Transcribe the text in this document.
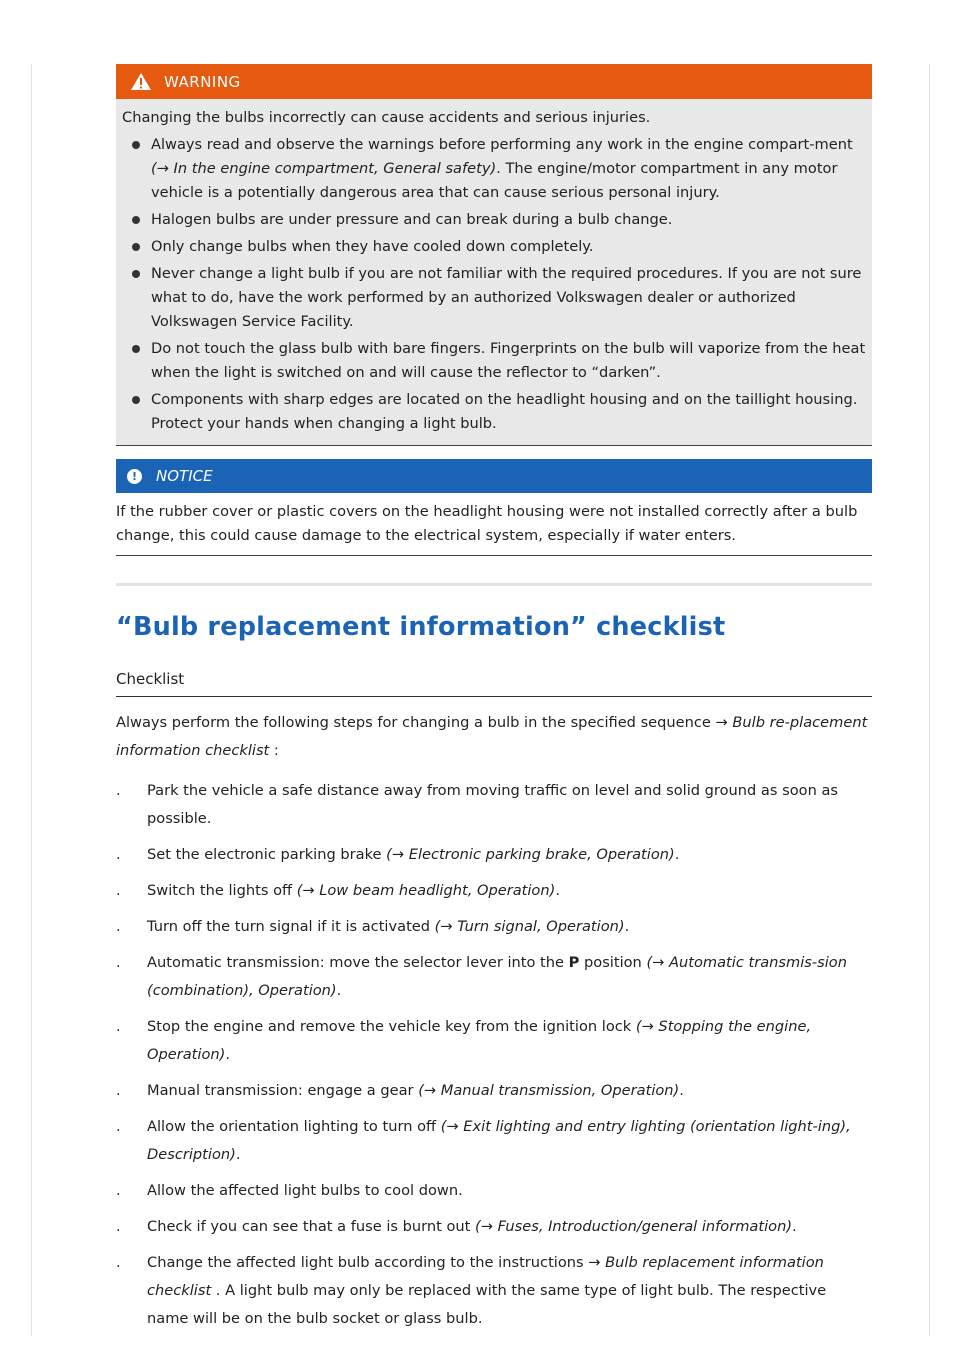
WARNING

Changing the bulbs incorrectly can cause accidents and serious injuries.

Always read and observe the warnings before performing any work in the engine compart-ment (→ In the engine compartment, General safety). The engine/motor compartment in any motor vehicle is a potentially dangerous area that can cause serious personal injury.
Halogen bulbs are under pressure and can break during a bulb change.
Only change bulbs when they have cooled down completely.
Never change a light bulb if you are not familiar with the required procedures. If you are not sure what to do, have the work performed by an authorized Volkswagen dealer or authorized Volkswagen Service Facility.
Do not touch the glass bulb with bare fingers. Fingerprints on the bulb will vaporize from the heat when the light is switched on and will cause the reflector to “darken”.
Components with sharp edges are located on the headlight housing and on the taillight housing. Protect your hands when changing a light bulb.
!	NOTICE
If the rubber cover or plastic covers on the headlight housing were not installed correctly after a bulb change, this could cause damage to the electrical system, especially if water enters.
“Bulb replacement information” checklist
Checklist
Always perform the following steps for changing a bulb in the specified sequence → Bulb re-placement information checklist :
.	Park the vehicle a safe distance away from moving traffic on level and solid ground as soon as possible.
.	Set the electronic parking brake (→ Electronic parking brake, Operation).
.	Switch the lights off (→ Low beam headlight, Operation).
.	Turn off the turn signal if it is activated (→ Turn signal, Operation).
.	Automatic transmission: move the selector lever into the P position (→ Automatic transmis-sion (combination), Operation).
.	Stop the engine and remove the vehicle key from the ignition lock (→ Stopping the engine, Operation).
.	Manual transmission: engage a gear (→ Manual transmission, Operation).
.	Allow the orientation lighting to turn off (→ Exit lighting and entry lighting (orientation light-ing), Description).
.	Allow the affected light bulbs to cool down.
.	Check if you can see that a fuse is burnt out (→ Fuses, Introduction/general information).
.	Change the affected light bulb according to the instructions → Bulb replacement information checklist . A light bulb may only be replaced with the same type of light bulb. The respective name will be on the bulb socket or glass bulb.
